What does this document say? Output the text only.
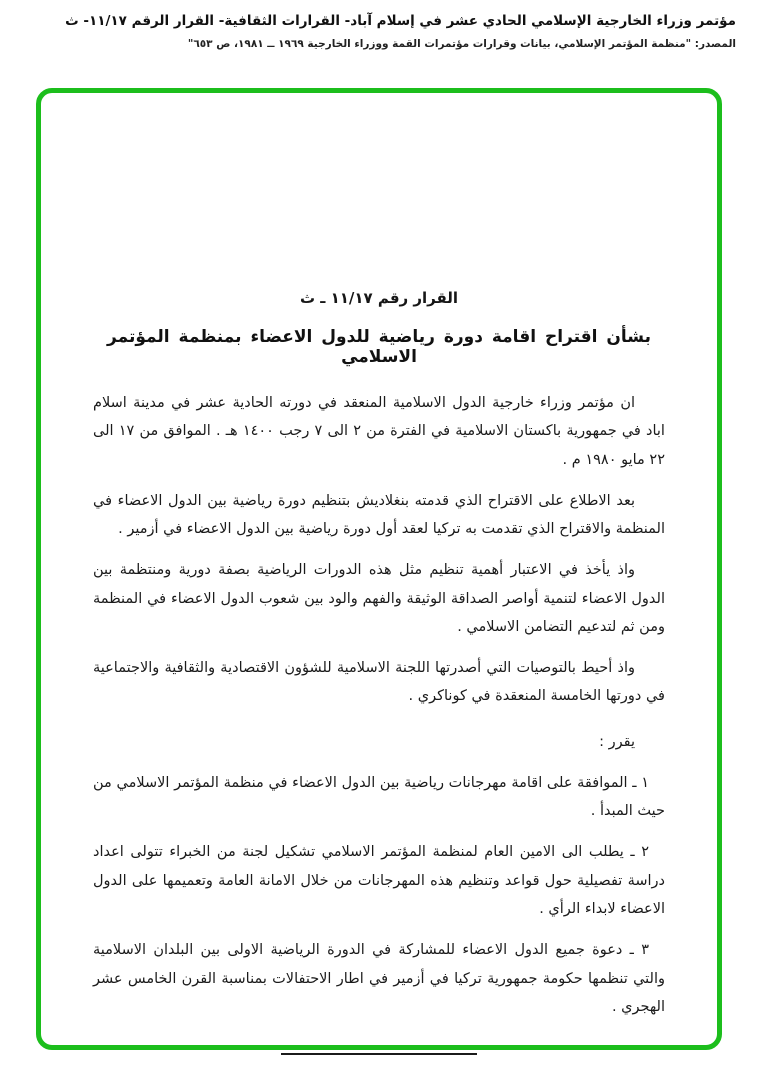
مؤتمر وزراء الخارجية الإسلامي الحادي عشر في إسلام آباد- القرارات الثقافية- القرار الرقم ١١/١٧- ث
المصدر: "منظمة المؤتمر الإسلامي، بيانات وقرارات مؤتمرات القمة ووزراء الخارجية ١٩٦٩ ــ ١٩٨١، ص ٦٥٣"
القرار رقم ١١/١٧ ـ ث
بشأن اقتراح اقامة دورة رياضية للدول الاعضاء بمنظمة المؤتمر الاسلامي

ان مؤتمر وزراء خارجية الدول الاسلامية المنعقد في دورته الحادية عشر في مدينة اسلام اباد في جمهورية باكستان الاسلامية في الفترة من ٢ الى ٧ رجب ١٤٠٠ هـ . الموافق من ١٧ الى ٢٢ مايو ١٩٨٠ م .

بعد الاطلاع على الاقتراح الذي قدمته بنغلاديش بتنظيم دورة رياضية بين الدول الاعضاء في المنظمة والاقتراح الذي تقدمت به تركيا لعقد أول دورة رياضية بين الدول الاعضاء في أزمير .

واذ يأخذ في الاعتبار أهمية تنظيم مثل هذه الدورات الرياضية بصفة دورية ومنتظمة بين الدول الاعضاء لتنمية أواصر الصداقة الوثيقة والفهم والود بين شعوب الدول الاعضاء في المنظمة ومن ثم لتدعيم التضامن الاسلامي .

واذ أحيط بالتوصيات التي أصدرتها اللجنة الاسلامية للشؤون الاقتصادية والثقافية والاجتماعية في دورتها الخامسة المنعقدة في كوناكري .

يقرر :

١ ـ الموافقة على اقامة مهرجانات رياضية بين الدول الاعضاء في منظمة المؤتمر الاسلامي من حيث المبدأ .

٢ ـ يطلب الى الامين العام لمنظمة المؤتمر الاسلامي تشكيل لجنة من الخبراء تتولى اعداد دراسة تفصيلية حول قواعد وتنظيم هذه المهرجانات من خلال الامانة العامة وتعميمها على الدول الاعضاء لابداء الرأي .

٣ ـ دعوة جميع الدول الاعضاء للمشاركة في الدورة الرياضية الاولى بين البلدان الاسلامية والتي تنظمها حكومة جمهورية تركيا في أزمير في اطار الاحتفالات بمناسبة القرن الخامس عشر الهجري .
